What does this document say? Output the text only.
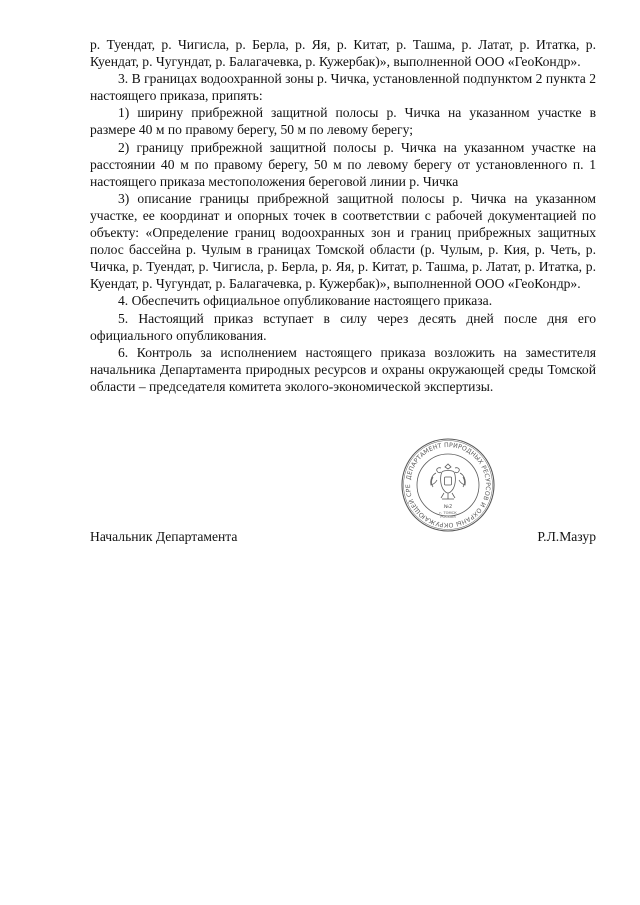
р. Туендат, р. Чигисла, р. Берла, р. Яя, р. Китат, р. Ташма, р. Латат, р. Итатка, р. Куендат, р. Чугундат, р. Балагачевка, р. Кужербак)», выполненной ООО «ГеоКондр».

3. В границах водоохранной зоны р. Чичка, установленной подпунктом 2 пункта 2 настоящего приказа, припять:

1) ширину прибрежной защитной полосы р. Чичка на указанном участке в размере 40 м по правому берегу, 50 м по левому берегу;

2) границу прибрежной защитной полосы р. Чичка на указанном участке на расстоянии 40 м по правому берегу, 50 м по левому берегу от установленного п. 1 настоящего приказа местоположения береговой линии р. Чичка

3) описание границы прибрежной защитной полосы р. Чичка на указанном участке, ее координат и опорных точек в соответствии с рабочей документацией по объекту: «Определение границ водоохранных зон и границ прибрежных защитных полос бассейна р. Чулым в границах Томской области (р. Чулым, р. Кия, р. Четь, р. Чичка, р. Туендат, р. Чигисла, р. Берла, р. Яя, р. Китат, р. Ташма, р. Латат, р. Итатка, р. Куендат, р. Чугундат, р. Балагачевка, р. Кужербак)», выполненной ООО «ГеоКондр».

4. Обеспечить официальное опубликование настоящего приказа.

5. Настоящий приказ вступает в силу через десять дней после дня его официального опубликования.

6. Контроль за исполнением настоящего приказа возложить на заместителя начальника Департамента природных ресурсов и охраны окружающей среды Томской области – председателя комитета эколого-экономической экспертизы.

ДЕПАРТАМЕНТ ПРИРОДНЫХ РЕСУРСОВ И ОХРАНЫ ОКРУЖАЮЩЕЙ СРЕ
№2
г. ТОМСК
РОССИЯ
Начальник Департамента	Р.Л.Мазур
